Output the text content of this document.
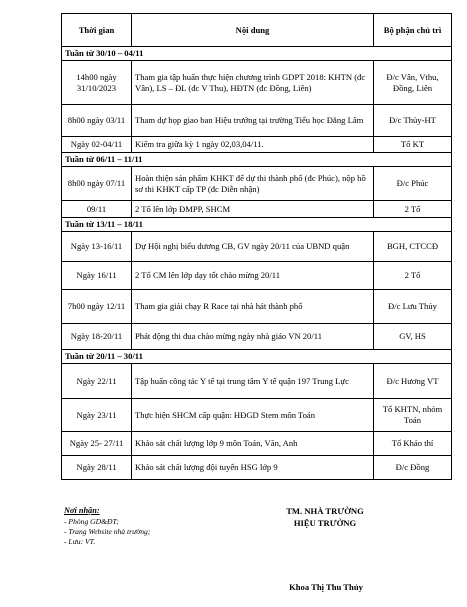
Thời gian	Nội dung	Bộ phận chủ trì
Tuần từ 30/10 – 04/11		
14h00 ngày 31/10/2023	Tham gia tập huấn thực hiện chương trình GDPT 2018: KHTN (đc Vân), LS – ĐL (đc V Thu), HĐTN (đc Đồng, Liên)	Đ/c Vân, Vthu, Đồng, Liên
8h00 ngày 03/11	Tham dự họp giao ban Hiệu trưởng tại trường Tiểu học Đằng Lâm	Đ/c Thủy-HT
Ngày 02-04/11	Kiểm tra giữa kỳ 1 ngày 02,03,04/11.	Tổ KT
Tuần từ 06/11 – 11/11		
8h00 ngày 07/11	Hoàn thiện sản phẩm KHKT để dự thi thành phố (đc Phúc), nộp hồ sơ thi KHKT cấp TP (đc Diễn nhận)	Đ/c Phúc
09/11	2 Tổ lên lớp ĐMPP, SHCM	2 Tổ
Tuần từ 13/11 – 18/11		
Ngày 13-16/11	Dự Hội nghị biểu dương CB, GV ngày 20/11 của UBND quận	BGH, CTCCĐ
Ngày 16/11	2 Tổ CM lên lớp dạy tốt chào mừng 20/11	2 Tổ
7h00 ngày 12/11	Tham gia giải chạy R Race tại nhà hát thành phố	Đ/c Lưu Thủy
Ngày 18-20/11	Phát động thi đua chào mừng ngày nhà giáo VN 20/11	GV, HS
Tuần từ 20/11 – 30/11		
Ngày 22/11	Tập huấn công tác Y tế tại trung tâm Y tế quận 197 Trung Lực	Đ/c Hương VT
Ngày 23/11	Thực hiện SHCM cấp quận: HĐGD Stem môn Toán	Tổ KHTN, nhóm Toán
Ngày 25- 27/11	Khảo sát chất lượng lớp 9 môn Toán, Văn, Anh	Tổ Khảo thí
Ngày 28/11	Khảo sát chất lượng đội tuyển HSG lớp 9	Đ/c Đồng
Nơi nhận:
- Phòng GD&ĐT;
- Trang Website nhà trường;
- Lưu: VT.
TM. NHÀ TRƯỜNG
HIỆU TRƯỞNG
Khoa Thị Thu Thủy
